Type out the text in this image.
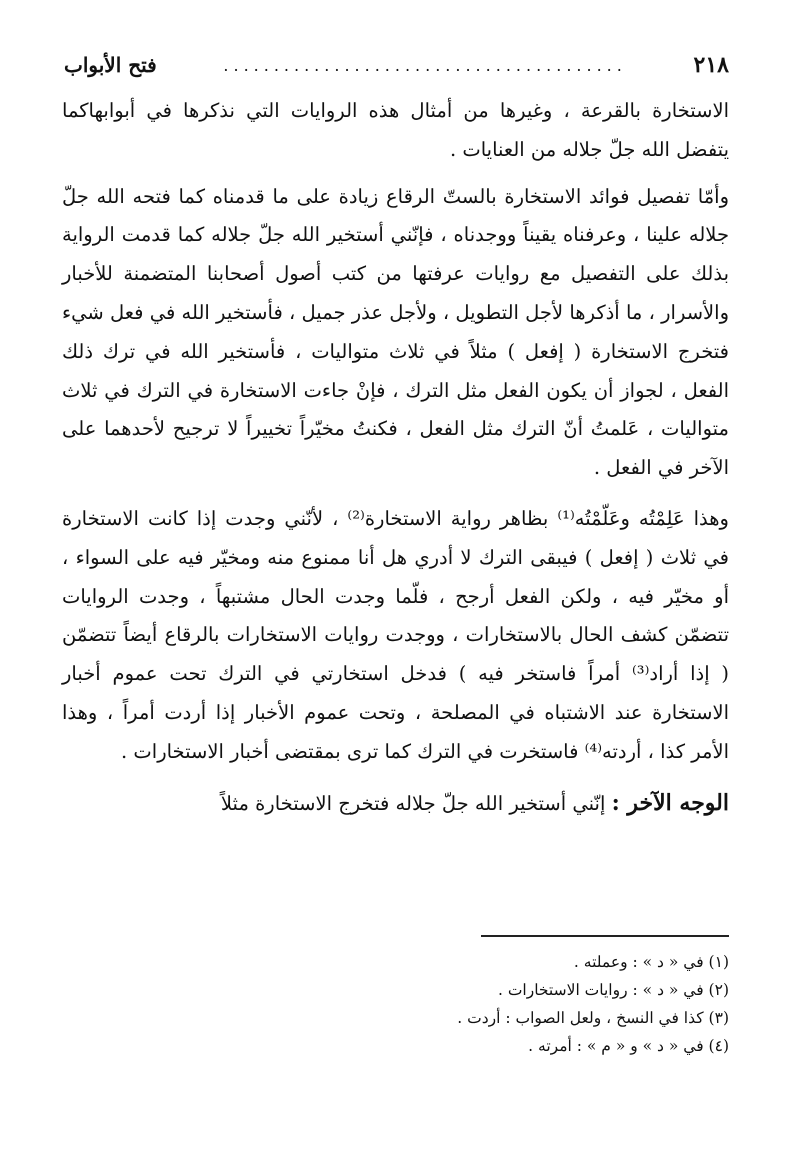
٢١٨
........................................
فتح الأبواب

الاستخارة بالقرعة ، وغيرها من أمثال هذه الروايات التي نذكرها في أبوابهاكما يتفضل الله جلّ جلاله من العنايات .

وأمّا تفصيل فوائد الاستخارة بالستّ الرقاع زيادة على ما قدمناه كما فتحه الله جلّ جلاله علينا ، وعرفناه يقيناً ووجدناه ، فإنّني أستخير الله جلّ جلاله كما قدمت الرواية بذلك على التفصيل مع روايات عرفتها من كتب أصول أصحابنا المتضمنة للأخبار والأسرار ، ما أذكرها لأجل التطويل ، ولأجل عذر جميل ، فأستخير الله في فعل شيء فتخرج الاستخارة ( إفعل ) مثلاً في ثلاث متواليات ، فأستخير الله في ترك ذلك الفعل ، لجواز أن يكون الفعل مثل الترك ، فإنْ جاءت الاستخارة في الترك في ثلاث متواليات ، عَلمتُ أنّ الترك مثل الفعل ، فكنتُ مخيّراً تخييراً لا ترجيح لأحدهما على الآخر في الفعل .

وهذا عَلِمْتُه وعَلّمْتُه⁽¹⁾ بظاهر رواية الاستخارة⁽²⁾ ، لأنّني وجدت إذا كانت الاستخارة في ثلاث ( إفعل ) فيبقى الترك لا أدري هل أنا ممنوع منه ومخيّر فيه على السواء ، أو مخيّر فيه ، ولكن الفعل أرجح ، فلّما وجدت الحال مشتبهاً ، وجدت الروايات تتضمّن كشف الحال بالاستخارات ، ووجدت روايات الاستخارات بالرقاع أيضاً تتضمّن ( إذا أراد⁽³⁾ أمراً فاستخر فيه ) فدخل استخارتي في الترك تحت عموم أخبار الاستخارة عند الاشتباه في المصلحة ، وتحت عموم الأخبار إذا أردت أمراً ، وهذا الأمر كذا ، أردته⁽⁴⁾ فاستخرت في الترك كما ترى بمقتضى أخبار الاستخارات .

الوجه الآخر : إنّني أستخير الله جلّ جلاله فتخرج الاستخارة مثلاً

(١) في « د » : وعملته .

(٢) في « د » : روايات الاستخارات .

(٣) كذا في النسخ ، ولعل الصواب : أردت .

(٤) في « د » و « م » : أمرته .
